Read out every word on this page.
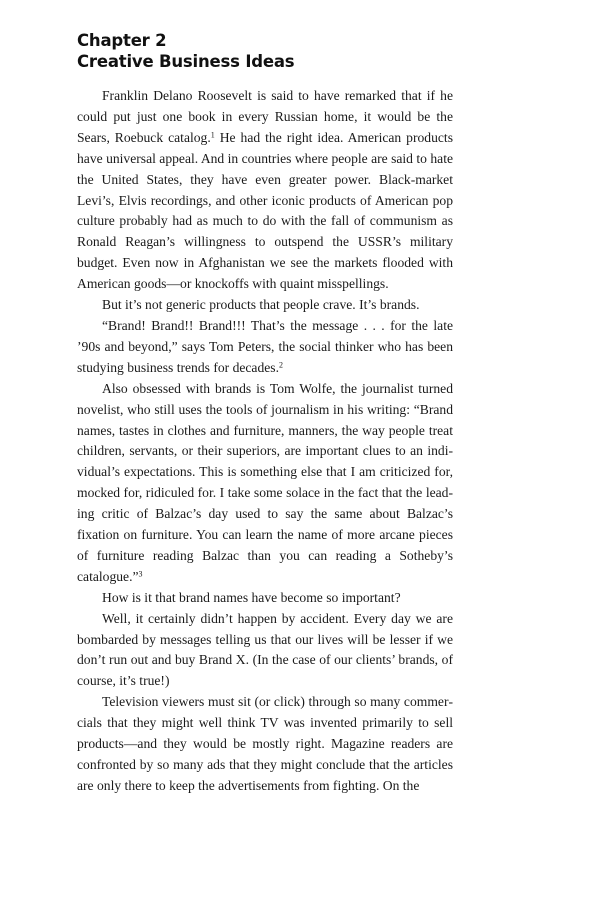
Chapter 2
Creative Business Ideas

Franklin Delano Roosevelt is said to have remarked that if he could put just one book in every Russian home, it would be the Sears, Roebuck catalog.$^1$ He had the right idea. American products have universal appeal. And in countries where people are said to hate the United States, they have even greater power. Black-market Levi’s, Elvis recordings, and other iconic products of American pop culture probably had as much to do with the fall of communism as Ronald Reagan’s willingness to outspend the USSR’s military budget. Even now in Afghanistan we see the markets flooded with American goods—or knockoffs with quaint misspellings.

But it’s not generic products that people crave. It’s brands.

“Brand! Brand!! Brand!!! That’s the message . . . for the late ’90s and beyond,” says Tom Peters, the social thinker who has been studying business trends for decades.$^2$

Also obsessed with brands is Tom Wolfe, the journalist turned novelist, who still uses the tools of journalism in his writing: “Brand names, tastes in clothes and furniture, manners, the way people treat children, servants, or their superiors, are important clues to an individual’s expectations. This is something else that I am criticized for, mocked for, ridiculed for. I take some solace in the fact that the leading critic of Balzac’s day used to say the same about Balzac’s fixation on furniture. You can learn the name of more arcane pieces of furniture reading Balzac than you can reading a Sotheby’s catalogue.”$^3$

How is it that brand names have become so important?

Well, it certainly didn’t happen by accident. Every day we are bombarded by messages telling us that our lives will be lesser if we don’t run out and buy Brand X. (In the case of our clients’ brands, of course, it’s true!)

Television viewers must sit (or click) through so many commercials that they might well think TV was invented primarily to sell products—and they would be mostly right. Magazine readers are confronted by so many ads that they might conclude that the articles are only there to keep the advertisements from fighting. On the
